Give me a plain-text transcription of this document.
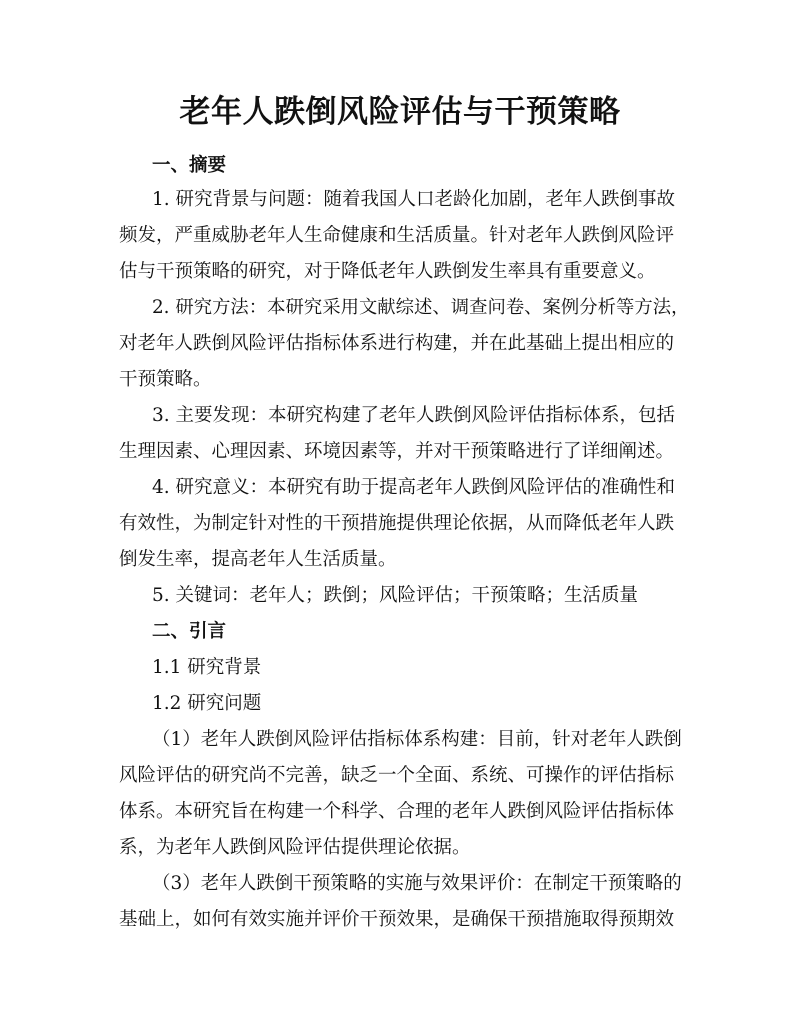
老年人跌倒风险评估与干预策略
一、摘要
1. 研究背景与问题：随着我国人口老龄化加剧，老年人跌倒事故
频发，严重威胁老年人生命健康和生活质量。针对老年人跌倒风险评
估与干预策略的研究，对于降低老年人跌倒发生率具有重要意义。
2. 研究方法：本研究采用文献综述、调查问卷、案例分析等方法，
对老年人跌倒风险评估指标体系进行构建，并在此基础上提出相应的
干预策略。
3. 主要发现：本研究构建了老年人跌倒风险评估指标体系，包括
生理因素、心理因素、环境因素等，并对干预策略进行了详细阐述。
4. 研究意义：本研究有助于提高老年人跌倒风险评估的准确性和
有效性，为制定针对性的干预措施提供理论依据，从而降低老年人跌
倒发生率，提高老年人生活质量。
5. 关键词：老年人；跌倒；风险评估；干预策略；生活质量
二、引言
1.1 研究背景
1.2 研究问题
（1）老年人跌倒风险评估指标体系构建：目前，针对老年人跌倒
风险评估的研究尚不完善，缺乏一个全面、系统、可操作的评估指标
体系。本研究旨在构建一个科学、合理的老年人跌倒风险评估指标体
系，为老年人跌倒风险评估提供理论依据。
（3）老年人跌倒干预策略的实施与效果评价：在制定干预策略的
基础上，如何有效实施并评价干预效果，是确保干预措施取得预期效
